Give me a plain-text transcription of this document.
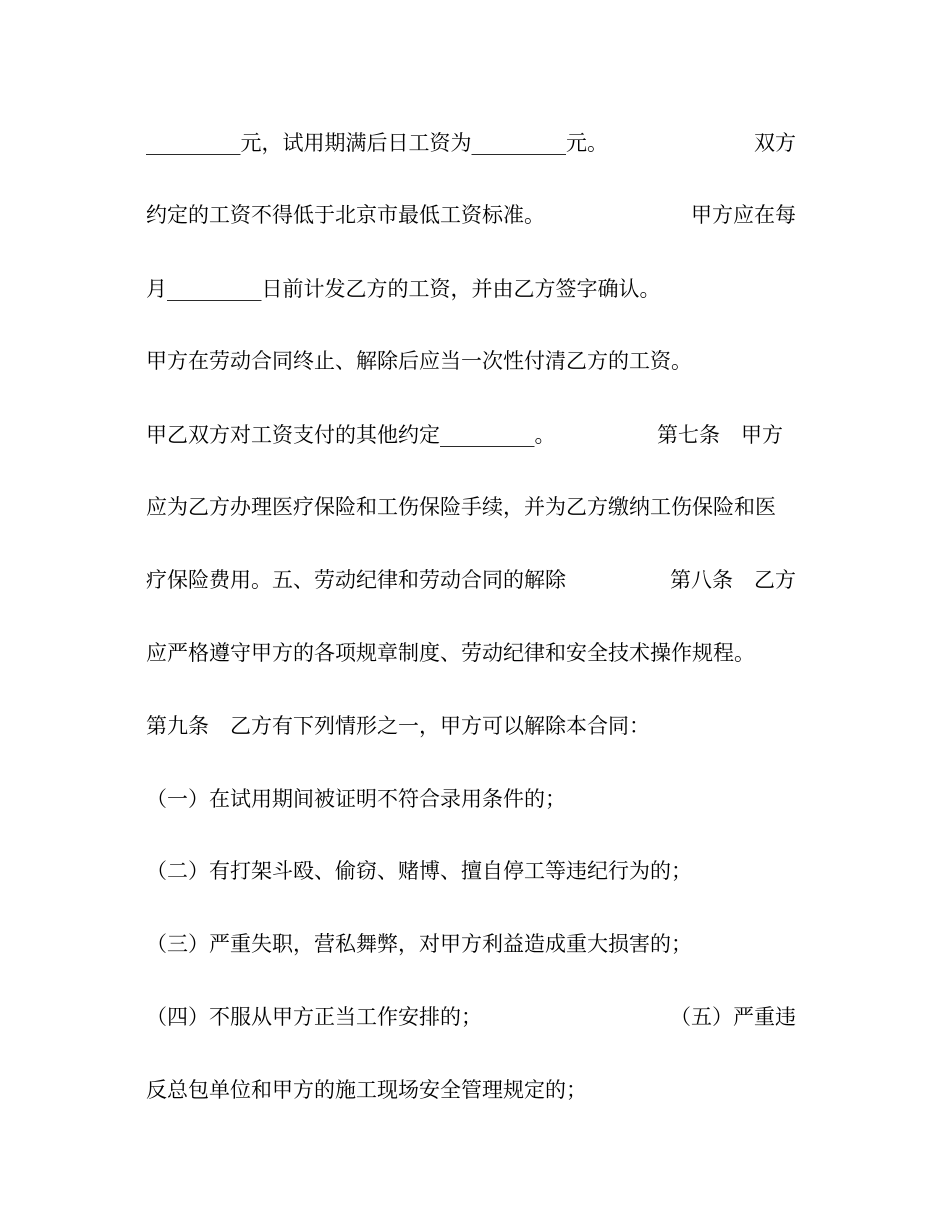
_________元，试用期满后日工资为_________元。	双方
约定的工资不得低于北京市最低工资标准。	甲方应在每
月_________日前计发乙方的工资，并由乙方签字确认。
甲方在劳动合同终止、解除后应当一次性付清乙方的工资。
甲乙双方对工资支付的其他约定_________。	第七条　甲方
应为乙方办理医疗保险和工伤保险手续，并为乙方缴纳工伤保险和医
疗保险费用。五、劳动纪律和劳动合同的解除	第八条　乙方
应严格遵守甲方的各项规章制度、劳动纪律和安全技术操作规程。
第九条　乙方有下列情形之一，甲方可以解除本合同：
（一）在试用期间被证明不符合录用条件的；
（二）有打架斗殴、偷窃、赌博、擅自停工等违纪行为的；
（三）严重失职，营私舞弊，对甲方利益造成重大损害的；
（四）不服从甲方正当工作安排的；	（五）严重违
反总包单位和甲方的施工现场安全管理规定的；
